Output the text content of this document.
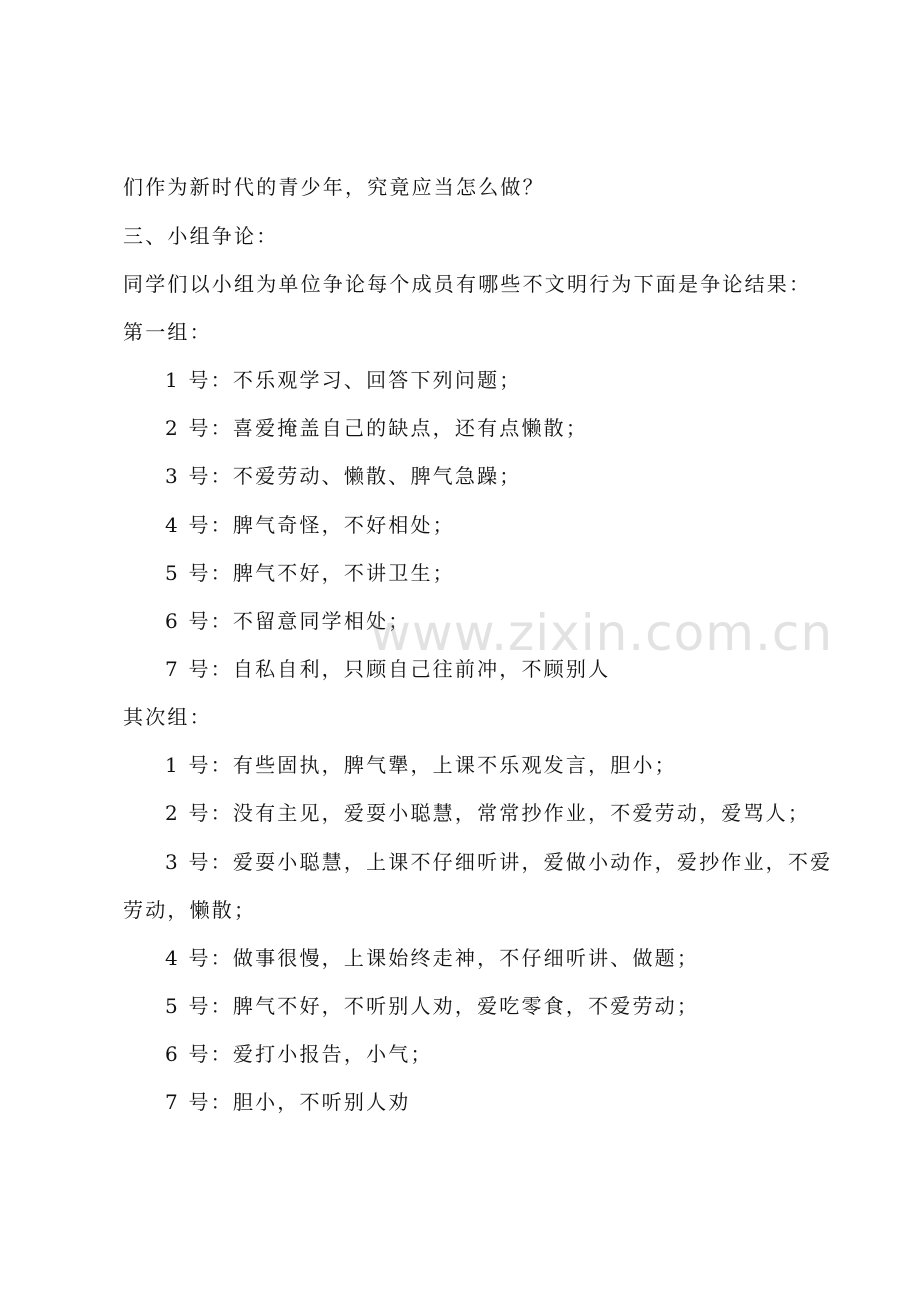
们作为新时代的青少年，究竟应当怎么做？
三、小组争论：
同学们以小组为单位争论每个成员有哪些不文明行为下面是争论结果：
第一组：
1 号：不乐观学习、回答下列问题；
2 号：喜爱掩盖自己的缺点，还有点懒散；
3 号：不爱劳动、懒散、脾气急躁；
4 号：脾气奇怪，不好相处；
5 号：脾气不好，不讲卫生；
6 号：不留意同学相处；
7 号：自私自利，只顾自己往前冲，不顾别人
其次组：
1 号：有些固执，脾气犟，上课不乐观发言，胆小；
2 号：没有主见，爱耍小聪慧，常常抄作业，不爱劳动，爱骂人；
3 号：爱耍小聪慧，上课不仔细听讲，爱做小动作，爱抄作业，不爱
劳动，懒散；
4 号：做事很慢，上课始终走神，不仔细听讲、做题；
5 号：脾气不好，不听别人劝，爱吃零食，不爱劳动；
6 号：爱打小报告，小气；
7 号：胆小，不听别人劝
www.zixin.com.cn
